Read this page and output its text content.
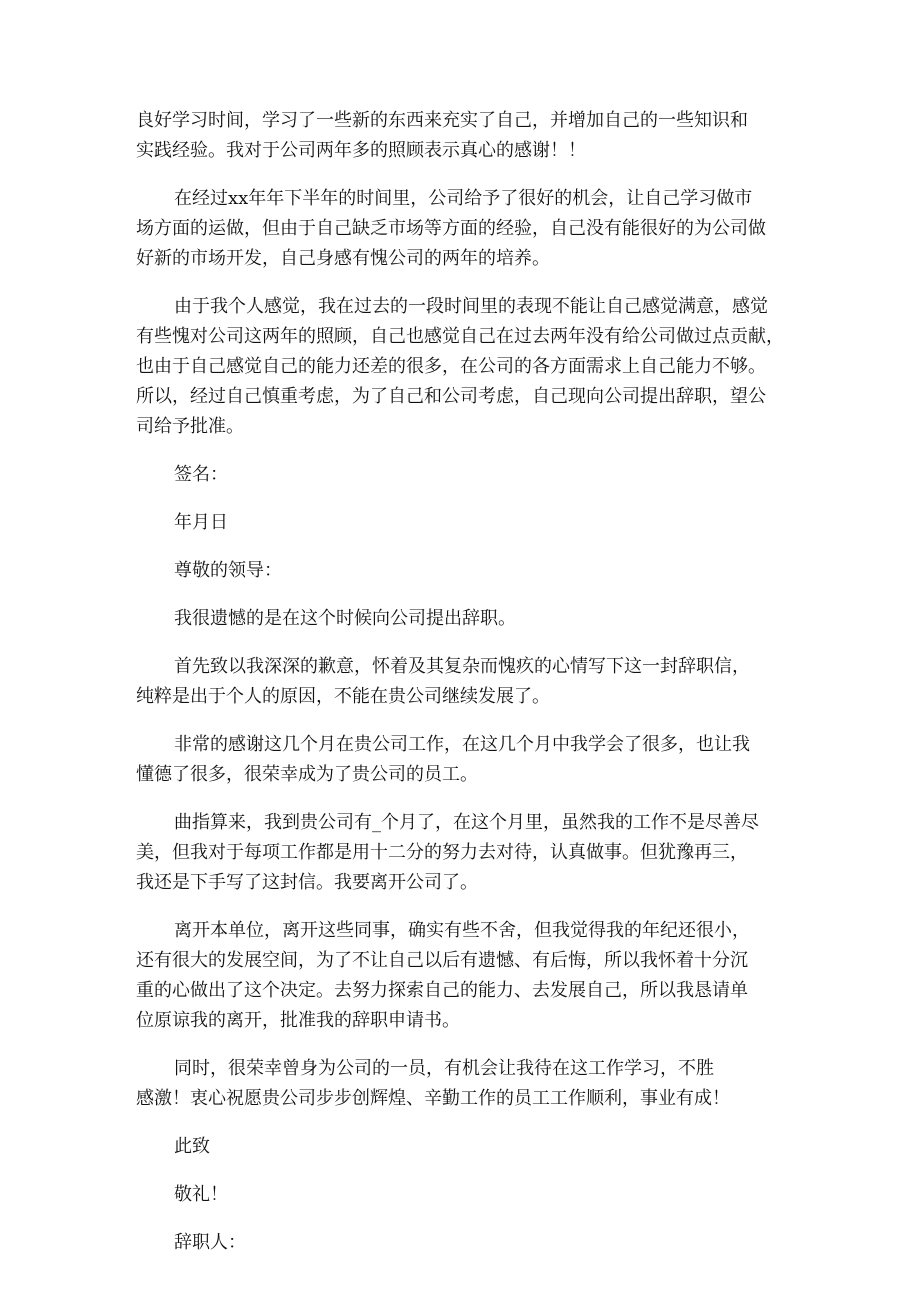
良好学习时间，学习了一些新的东西来充实了自己，并增加自己的一些知识和
实践经验。我对于公司两年多的照顾表示真心的感谢！！

在经过xx年年下半年的时间里，公司给予了很好的机会，让自己学习做市
场方面的运做，但由于自己缺乏市场等方面的经验，自己没有能很好的为公司做
好新的市场开发，自己身感有愧公司的两年的培养。

由于我个人感觉，我在过去的一段时间里的表现不能让自己感觉满意，感觉
有些愧对公司这两年的照顾，自己也感觉自己在过去两年没有给公司做过点贡献，
也由于自己感觉自己的能力还差的很多，在公司的各方面需求上自己能力不够。
所以，经过自己慎重考虑，为了自己和公司考虑，自己现向公司提出辞职，望公
司给予批准。

签名：

年月日

尊敬的领导：

我很遗憾的是在这个时候向公司提出辞职。

首先致以我深深的歉意，怀着及其复杂而愧疚的心情写下这一封辞职信，
纯粹是出于个人的原因，不能在贵公司继续发展了。

非常的感谢这几个月在贵公司工作，在这几个月中我学会了很多，也让我
懂德了很多，很荣幸成为了贵公司的员工。

曲指算来，我到贵公司有_个月了，在这个月里，虽然我的工作不是尽善尽
美，但我对于每项工作都是用十二分的努力去对待，认真做事。但犹豫再三，
我还是下手写了这封信。我要离开公司了。

离开本单位，离开这些同事，确实有些不舍，但我觉得我的年纪还很小，
还有很大的发展空间，为了不让自己以后有遗憾、有后悔，所以我怀着十分沉
重的心做出了这个决定。去努力探索自己的能力、去发展自己，所以我恳请单
位原谅我的离开，批准我的辞职申请书。

同时，很荣幸曾身为公司的一员，有机会让我待在这工作学习，不胜
感激！衷心祝愿贵公司步步创辉煌、辛勤工作的员工工作顺利，事业有成！

此致

敬礼！

辞职人：
